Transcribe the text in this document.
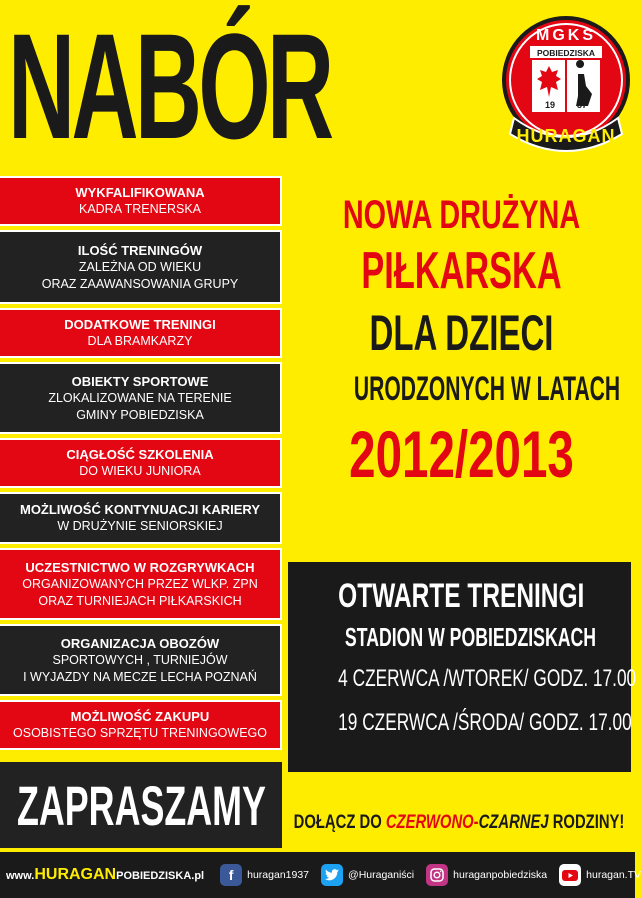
NABÓR	MGKS
POBIEDZISKA
19 37
HURAGAN
WYKFALIFIKOWANA
KADRA TRENERSKA
ILOŚĆ TRENINGÓW
ZALEŻNA OD WIEKU
ORAZ ZAAWANSOWANIA GRUPY
DODATKOWE TRENINGI
DLA BRAMKARZY
OBIEKTY SPORTOWE
ZLOKALIZOWANE NA TERENIE
GMINY POBIEDZISKA
CIĄGŁOŚĆ SZKOLENIA
DO WIEKU JUNIORA
MOŻLIWOŚĆ KONTYNUACJI KARIERY
W DRUŻYNIE SENIORSKIEJ
UCZESTNICTWO W ROZGRYWKACH
ORGANIZOWANYCH PRZEZ WLKP. ZPN
ORAZ TURNIEJACH PIŁKARSKICH
ORGANIZACJA OBOZÓW
SPORTOWYCH , TURNIEJÓW
I WYJAZDY NA MECZE LECHA POZNAŃ
MOŻLIWOŚĆ ZAKUPU
OSOBISTEGO SPRZĘTU TRENINGOWEGO
NOWA DRUŻYNA
PIŁKARSKA
DLA DZIECI
URODZONYCH W LATACH
2012/2013
OTWARTE TRENINGI
STADION W POBIEDZISKACH
4 CZERWCA /WTOREK/ GODZ. 17.00
19 CZERWCA /ŚRODA/ GODZ. 17.00
ZAPRASZAMY DOŁĄCZ DO CZERWONO-CZARNEJ RODZINY!
www. HURAGAN POBIEDZISKA.pl	f	huragan1937	@Huraganiści	huraganpobiedziska	huragan.TV
